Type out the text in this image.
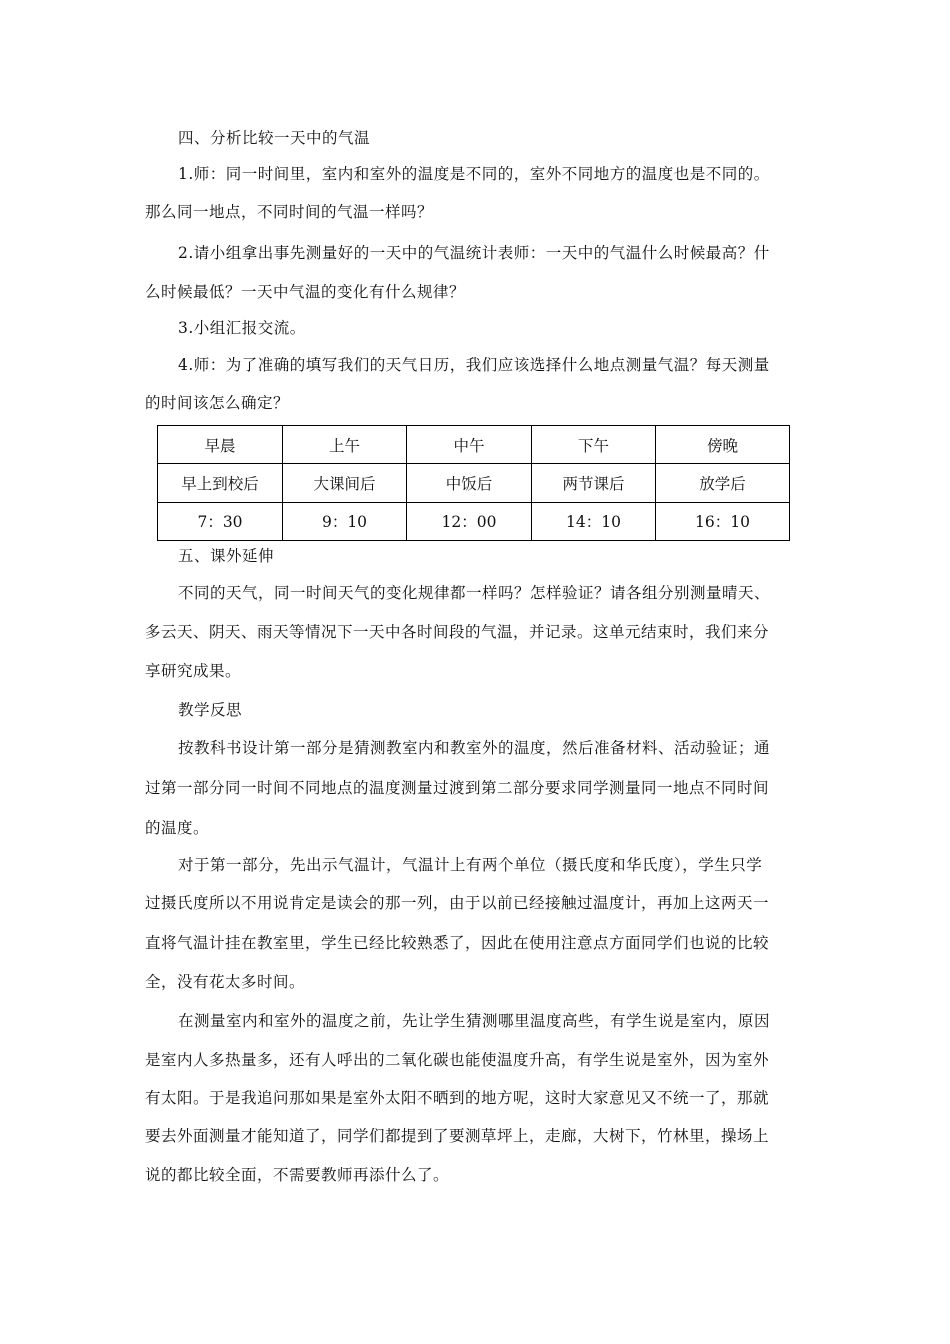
四、分析比较一天中的气温
1.师：同一时间里，室内和室外的温度是不同的，室外不同地方的温度也是不同的。
那么同一地点，不同时间的气温一样吗？
2.请小组拿出事先测量好的一天中的气温统计表师：一天中的气温什么时候最高？什
么时候最低？一天中气温的变化有什么规律？
3.小组汇报交流。
4.师：为了准确的填写我们的天气日历，我们应该选择什么地点测量气温？每天测量
的时间该怎么确定？
早晨	上午	中午	下午	傍晚
早上到校后	大课间后	中饭后	两节课后	放学后
7：30	9：10	12：00	14：10	16：10
五、课外延伸
不同的天气，同一时间天气的变化规律都一样吗？怎样验证？请各组分别测量晴天、
多云天、阴天、雨天等情况下一天中各时间段的气温，并记录。这单元结束时，我们来分
享研究成果。
教学反思
按教科书设计第一部分是猜测教室内和教室外的温度，然后准备材料、活动验证；通
过第一部分同一时间不同地点的温度测量过渡到第二部分要求同学测量同一地点不同时间
的温度。
对于第一部分，先出示气温计，气温计上有两个单位（摄氏度和华氏度），学生只学
过摄氏度所以不用说肯定是读会的那一列，由于以前已经接触过温度计，再加上这两天一
直将气温计挂在教室里，学生已经比较熟悉了，因此在使用注意点方面同学们也说的比较
全，没有花太多时间。
在测量室内和室外的温度之前，先让学生猜测哪里温度高些，有学生说是室内，原因
是室内人多热量多，还有人呼出的二氧化碳也能使温度升高，有学生说是室外，因为室外
有太阳。于是我追问那如果是室外太阳不晒到的地方呢，这时大家意见又不统一了，那就
要去外面测量才能知道了，同学们都提到了要测草坪上，走廊，大树下，竹林里，操场上
说的都比较全面，不需要教师再添什么了。
